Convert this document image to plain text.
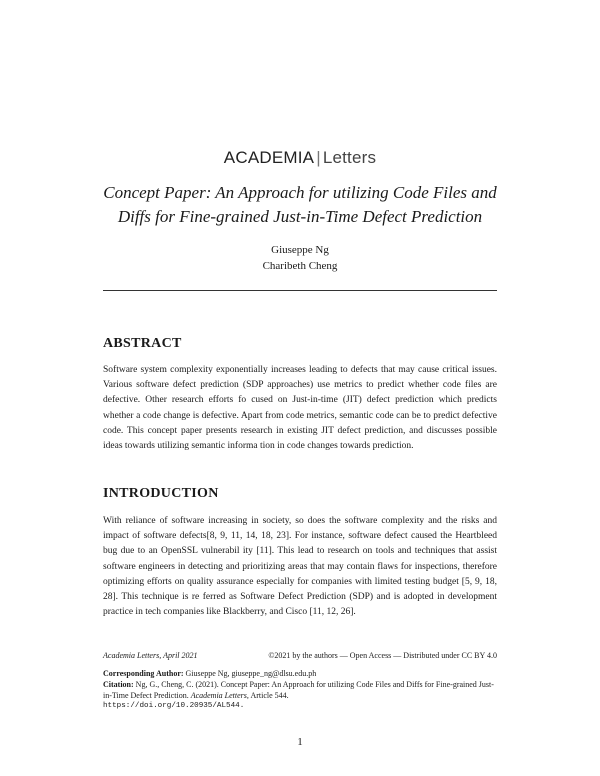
ACADEMIA | Letters
Concept Paper: An Approach for utilizing Code Files and
Diffs for Fine-grained Just-in-Time Defect Prediction
Giuseppe Ng
Charibeth Cheng
ABSTRACT

Software system complexity exponentially increases leading to defects that may cause critical issues. Various software defect prediction (SDP approaches) use metrics to predict whether code files are defective. Other research efforts fo cused on Just-in-time (JIT) defect prediction which predicts whether a code change is defective. Apart from code metrics, semantic code can be to predict defective code. This concept paper presents research in existing JIT defect prediction, and discusses possible ideas towards utilizing semantic informa tion in code changes towards prediction.

INTRODUCTION

With reliance of software increasing in society, so does the software complexity and the risks and impact of software defects[8, 9, 11, 14, 18, 23]. For instance, software defect caused the Heartbleed bug due to an OpenSSL vulnerabil ity [11]. This lead to research on tools and techniques that assist software engineers in detecting and prioritizing areas that may contain flaws for inspections, therefore optimizing efforts on quality assurance especially for companies with limited testing budget [5, 9, 18, 28]. This technique is re ferred as Software Defect Prediction (SDP) and is adopted in development practice in tech companies like Blackberry, and Cisco [11, 12, 26].

Academia Letters, April 2021	©2021 by the authors — Open Access — Distributed under CC BY 4.0
Corresponding Author: Giuseppe Ng, giuseppe_ng@dlsu.edu.ph
Citation: Ng, G., Cheng, C. (2021). Concept Paper: An Approach for utilizing Code Files and Diffs for Fine-grained Just-in-Time Defect Prediction. Academia Letters, Article 544.
https://doi.org/10.20935/AL544.
1
